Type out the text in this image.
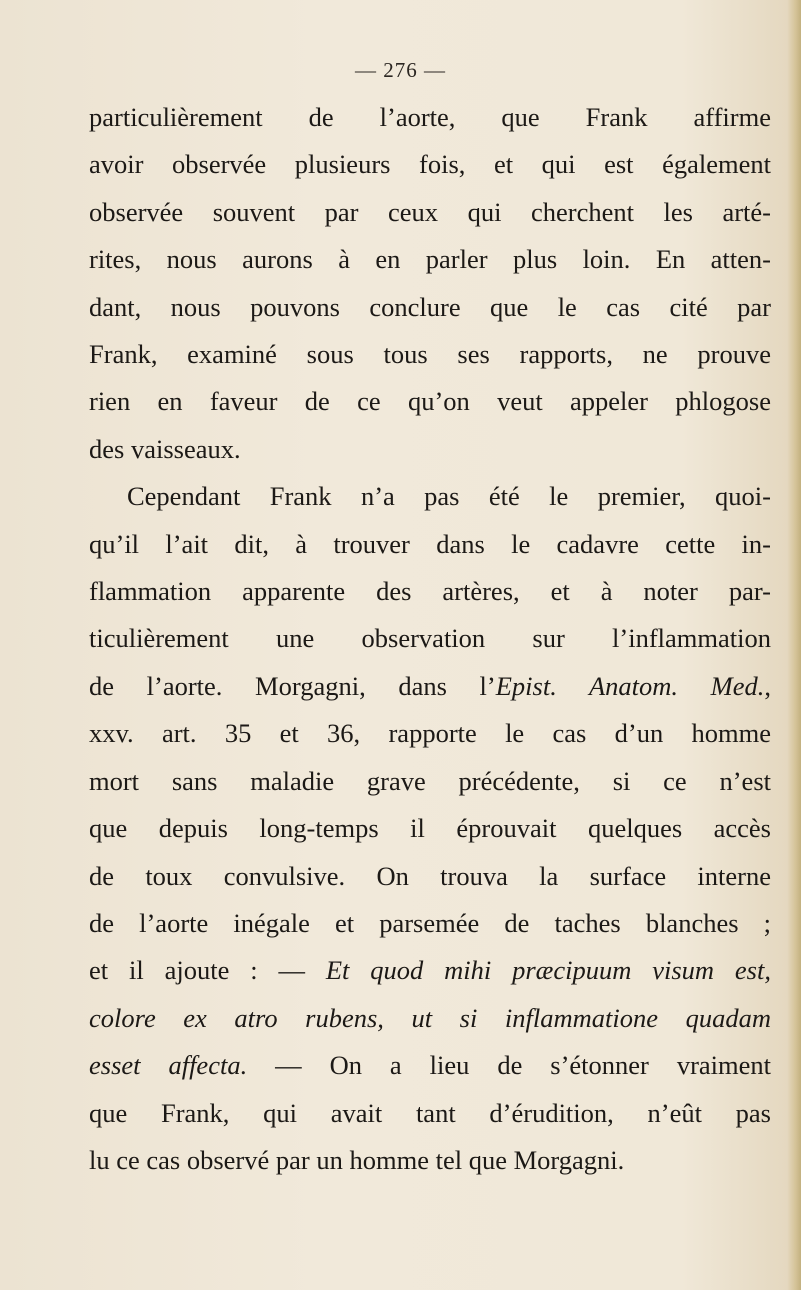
— 276 —
particulièrement de l’aorte, que Frank affirme
avoir observée plusieurs fois, et qui est également
observée souvent par ceux qui cherchent les arté-
rites, nous aurons à en parler plus loin. En atten-
dant, nous pouvons conclure que le cas cité par
Frank, examiné sous tous ses rapports, ne prouve
rien en faveur de ce qu’on veut appeler phlogose
des vaisseaux.
Cependant Frank n’a pas été le premier, quoi-
qu’il l’ait dit, à trouver dans le cadavre cette in-
flammation apparente des artères, et à noter par-
ticulièrement une observation sur l’inflammation
de l’aorte. Morgagni, dans l’Epist. Anatom. Med.,
xxv. art. 35 et 36, rapporte le cas d’un homme
mort sans maladie grave précédente, si ce n’est
que depuis long-temps il éprouvait quelques accès
de toux convulsive. On trouva la surface interne
de l’aorte inégale et parsemée de taches blanches ;
et il ajoute : — Et quod mihi præcipuum visum est,
colore ex atro rubens, ut si inflammatione quadam
esset affecta. — On a lieu de s’étonner vraiment
que Frank, qui avait tant d’érudition, n’eût pas
lu ce cas observé par un homme tel que Morgagni.
